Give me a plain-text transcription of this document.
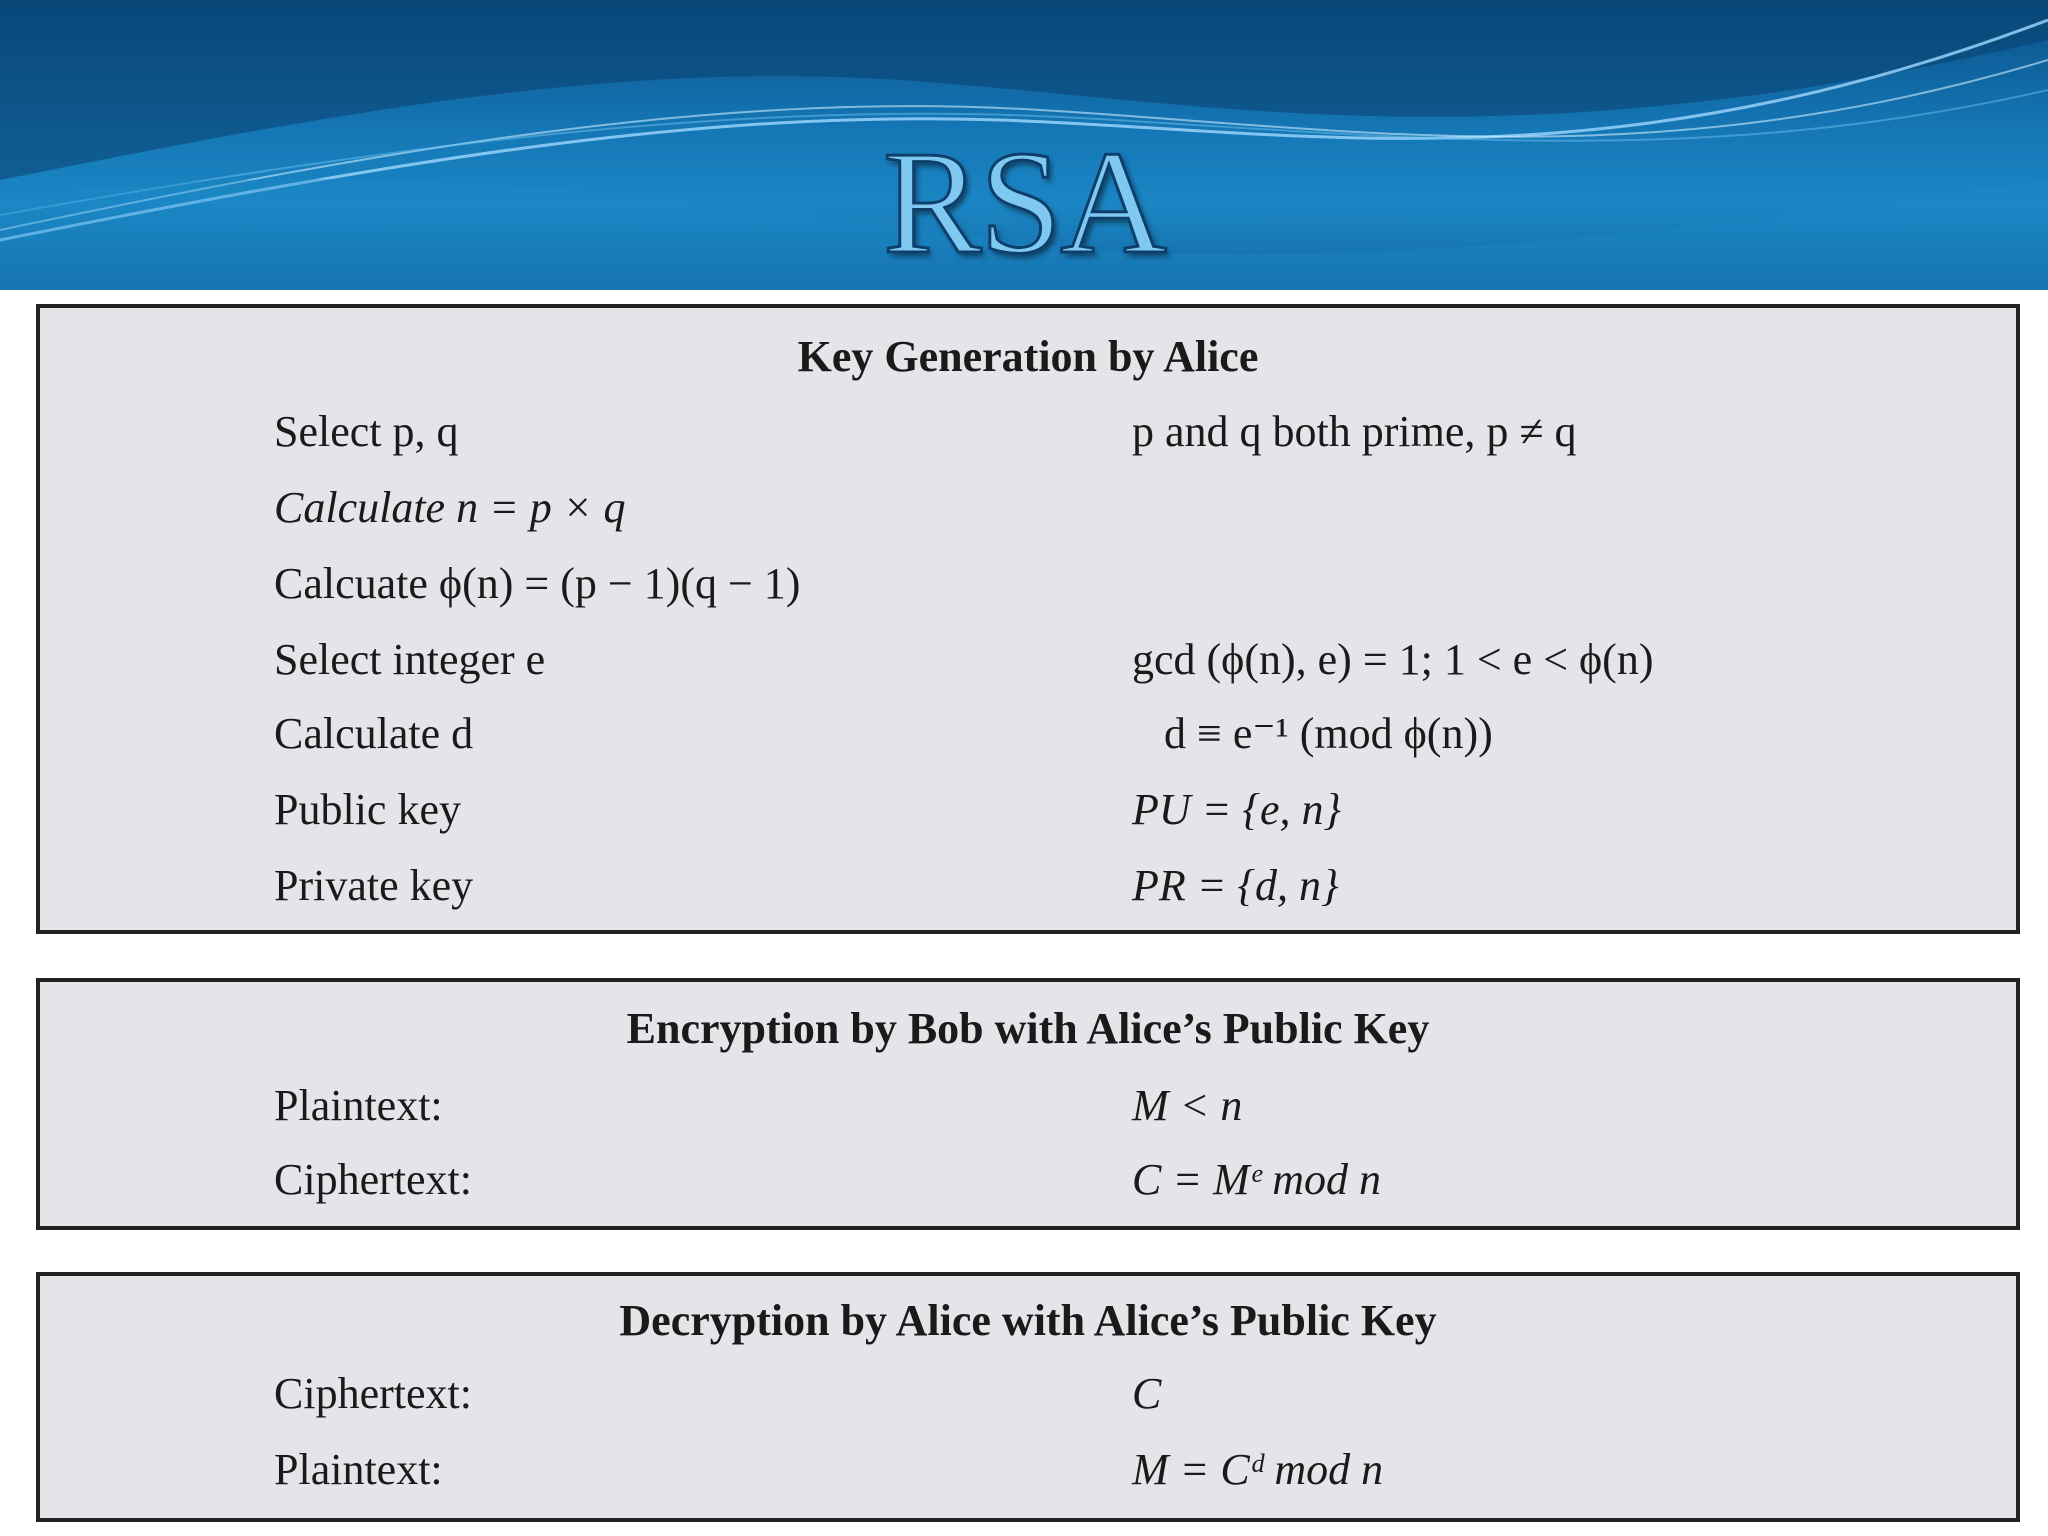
RSA
Key Generation by Alice
Select p, q	p and q both prime, p ≠ q
Calculate n = p × q
Calcuate ϕ(n) = (p − 1)(q − 1)
Select integer e	gcd (ϕ(n), e) = 1; 1 < e < ϕ(n)
Calculate d	d ≡ e⁻¹ (mod ϕ(n))
Public key	PU = {e, n}
Private key	PR = {d, n}
Encryption by Bob with Alice’s Public Key
Plaintext:	M < n
Ciphertext:	C = Mᵉ mod n
Decryption by Alice with Alice’s Public Key
Ciphertext:	C
Plaintext:	M = Cᵈ mod n
